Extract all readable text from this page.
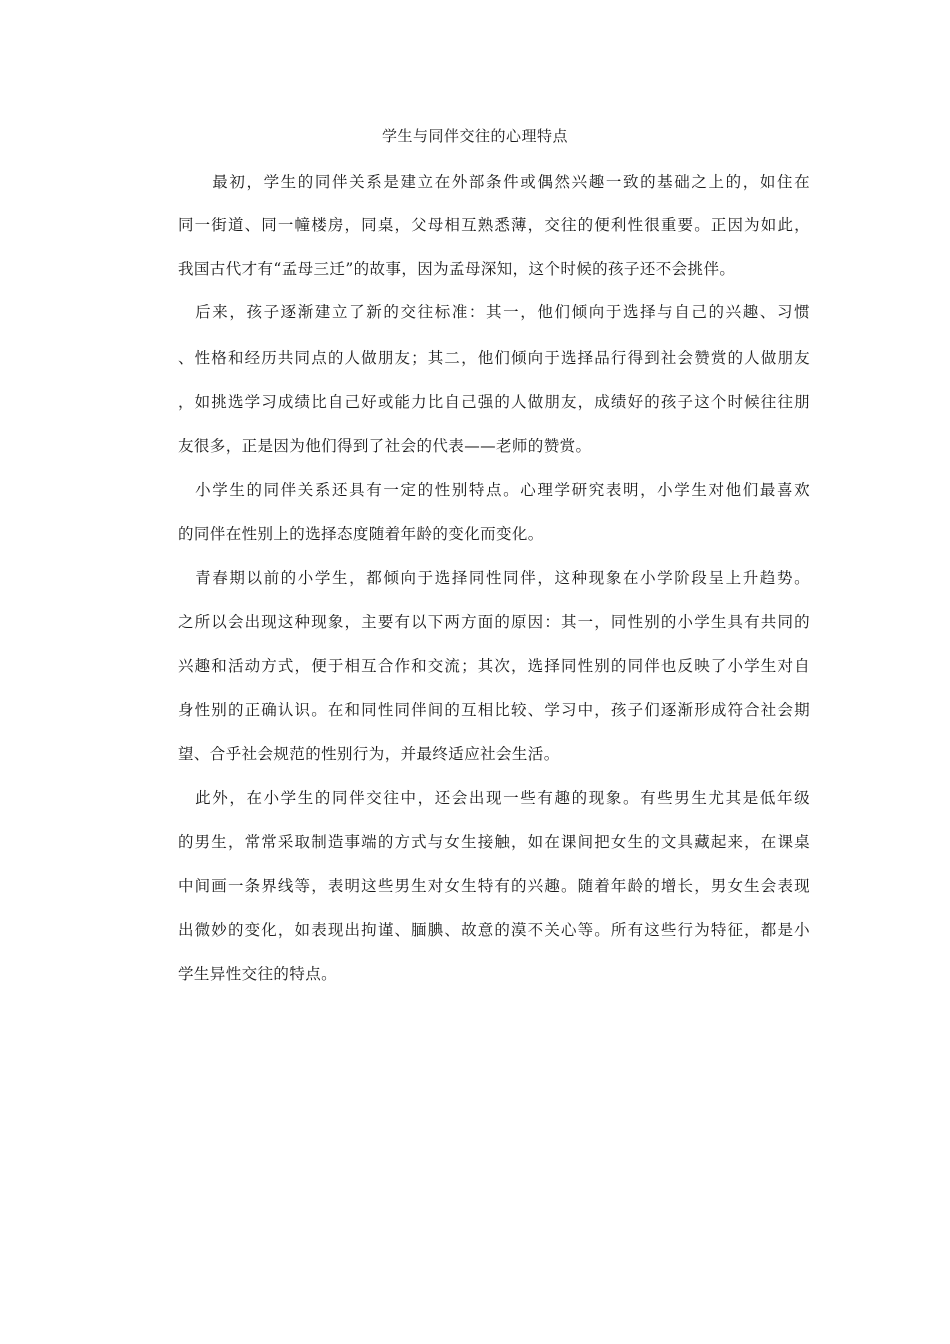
学生与同伴交往的心理特点
　　最初，学生的同伴关系是建立在外部条件或偶然兴趣一致的基础之上的，如住在
同一街道、同一幢楼房，同桌，父母相互熟悉薄，交往的便利性很重要。正因为如此，
我国古代才有“孟母三迁”的故事，因为孟母深知，这个时候的孩子还不会挑伴。
　后来，孩子逐渐建立了新的交往标准：其一，他们倾向于选择与自己的兴趣、习惯
、性格和经历共同点的人做朋友；其二，他们倾向于选择品行得到社会赞赏的人做朋友
，如挑选学习成绩比自己好或能力比自己强的人做朋友，成绩好的孩子这个时候往往朋
友很多，正是因为他们得到了社会的代表——老师的赞赏。
　小学生的同伴关系还具有一定的性别特点。心理学研究表明，小学生对他们最喜欢
的同伴在性别上的选择态度随着年龄的变化而变化。
　青春期以前的小学生，都倾向于选择同性同伴，这种现象在小学阶段呈上升趋势。
之所以会出现这种现象，主要有以下两方面的原因：其一，同性别的小学生具有共同的
兴趣和活动方式，便于相互合作和交流；其次，选择同性别的同伴也反映了小学生对自
身性别的正确认识。在和同性同伴间的互相比较、学习中，孩子们逐渐形成符合社会期
望、合乎社会规范的性别行为，并最终适应社会生活。
　此外，在小学生的同伴交往中，还会出现一些有趣的现象。有些男生尤其是低年级
的男生，常常采取制造事端的方式与女生接触，如在课间把女生的文具藏起来，在课桌
中间画一条界线等，表明这些男生对女生特有的兴趣。随着年龄的增长，男女生会表现
出微妙的变化，如表现出拘谨、腼腆、故意的漠不关心等。所有这些行为特征，都是小
学生异性交往的特点。
